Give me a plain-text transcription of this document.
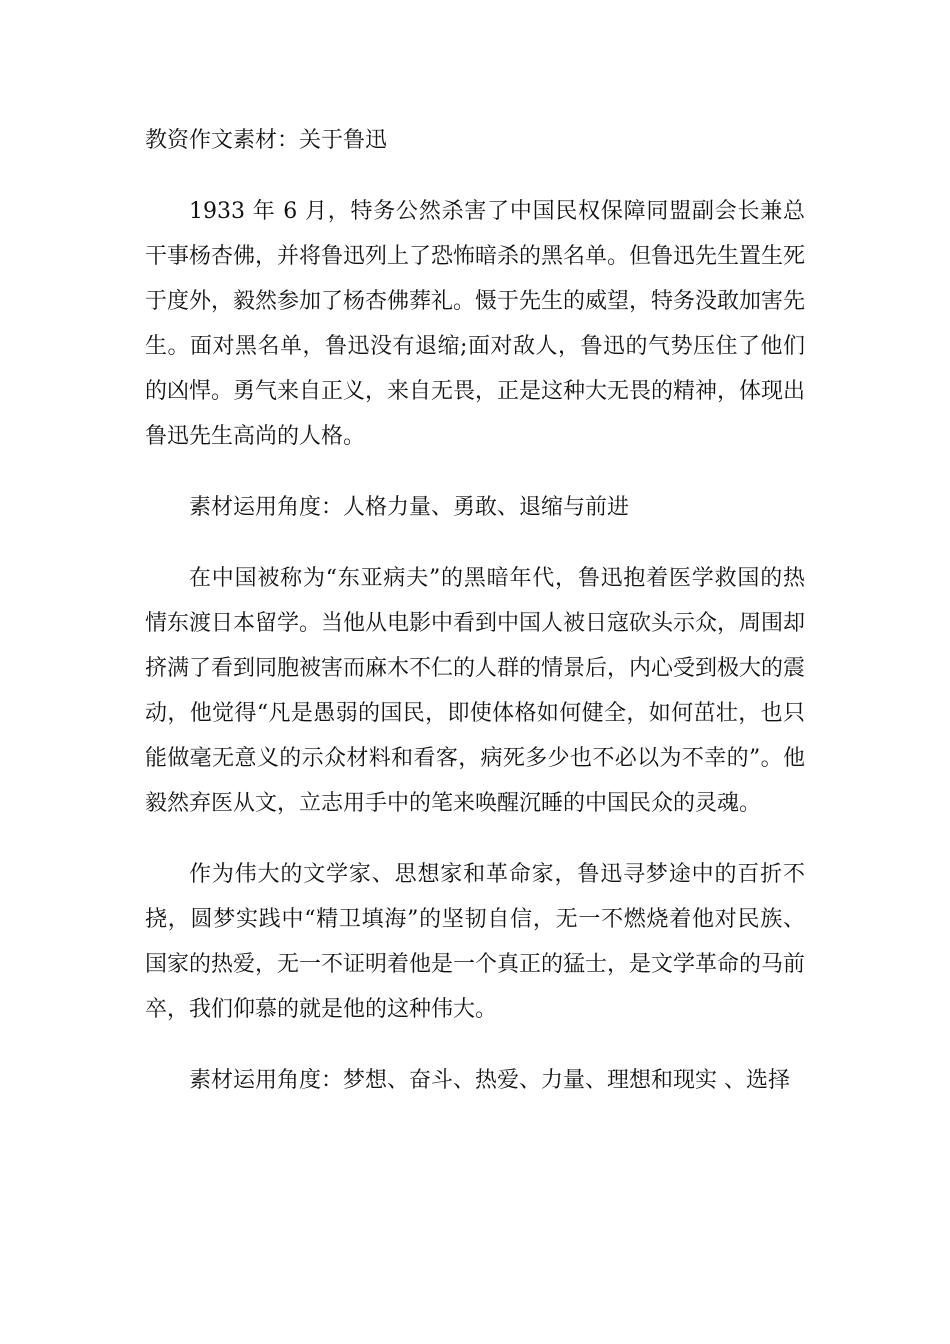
教资作文素材：关于鲁迅

1933 年 6 月，特务公然杀害了中国民权保障同盟副会长兼总干事杨杏佛，并将鲁迅列上了恐怖暗杀的黑名单。但鲁迅先生置生死于度外，毅然参加了杨杏佛葬礼。慑于先生的威望，特务没敢加害先生。面对黑名单，鲁迅没有退缩;面对敌人，鲁迅的气势压住了他们的凶悍。勇气来自正义，来自无畏，正是这种大无畏的精神，体现出鲁迅先生高尚的人格。

素材运用角度：人格力量、勇敢、退缩与前进

在中国被称为“东亚病夫”的黑暗年代，鲁迅抱着医学救国的热情东渡日本留学。当他从电影中看到中国人被日寇砍头示众，周围却挤满了看到同胞被害而麻木不仁的人群的情景后，内心受到极大的震动，他觉得“凡是愚弱的国民，即使体格如何健全，如何茁壮，也只能做毫无意义的示众材料和看客，病死多少也不必以为不幸的”。他毅然弃医从文，立志用手中的笔来唤醒沉睡的中国民众的灵魂。

作为伟大的文学家、思想家和革命家，鲁迅寻梦途中的百折不挠，圆梦实践中“精卫填海”的坚韧自信，无一不燃烧着他对民族、国家的热爱，无一不证明着他是一个真正的猛士，是文学革命的马前卒，我们仰慕的就是他的这种伟大。

素材运用角度：梦想、奋斗、热爱、力量、理想和现实 、选择
